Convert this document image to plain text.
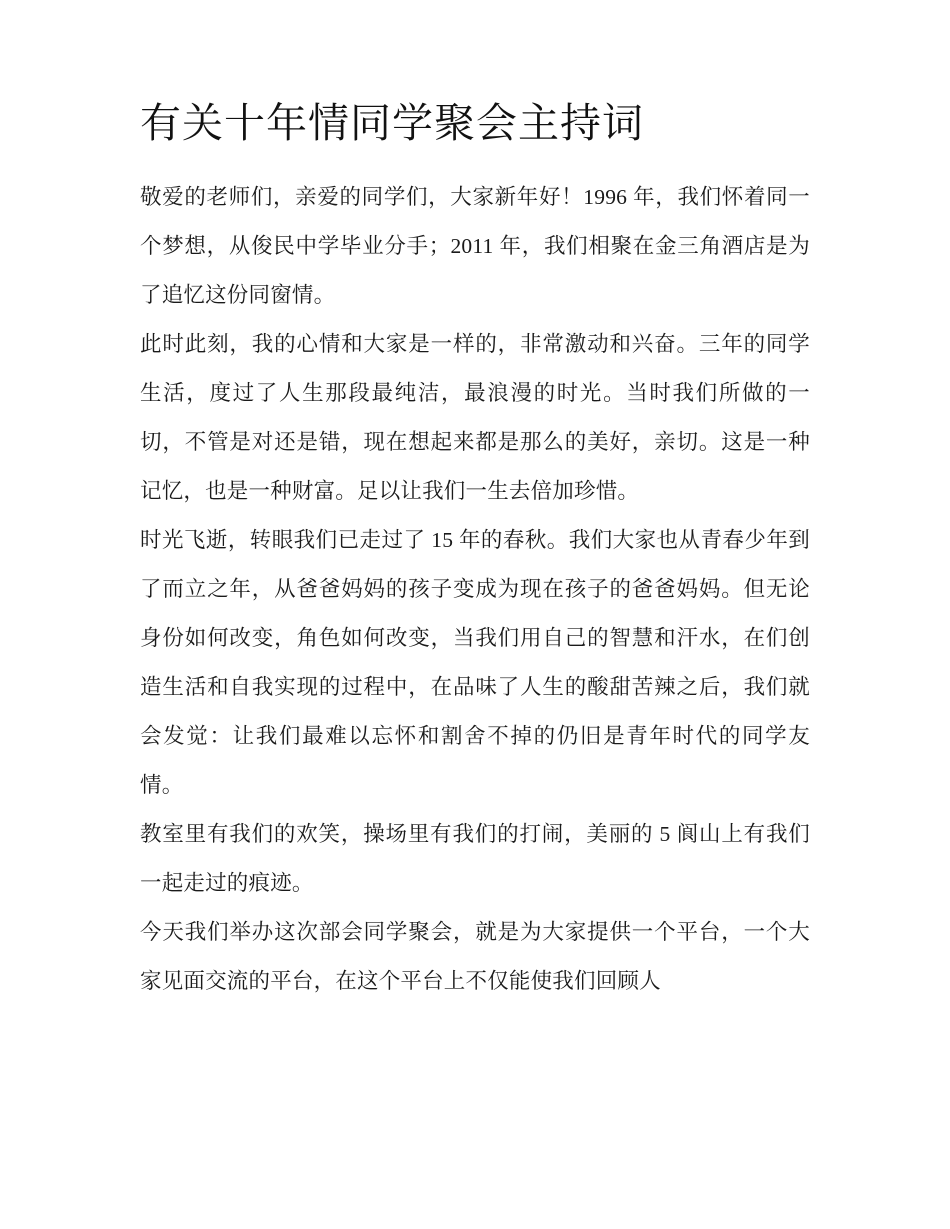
有关十年情同学聚会主持词

敬爱的老师们，亲爱的同学们，大家新年好！1996 年，我们怀着同一个梦想，从俊民中学毕业分手；2011 年，我们相聚在金三角酒店是为了追忆这份同窗情。

此时此刻，我的心情和大家是一样的，非常激动和兴奋。三年的同学生活，度过了人生那段最纯洁，最浪漫的时光。当时我们所做的一切，不管是对还是错，现在想起来都是那么的美好，亲切。这是一种记忆，也是一种财富。足以让我们一生去倍加珍惜。

时光飞逝，转眼我们已走过了 15 年的春秋。我们大家也从青春少年到了而立之年，从爸爸妈妈的孩子变成为现在孩子的爸爸妈妈。但无论身份如何改变，角色如何改变，当我们用自己的智慧和汗水，在们创造生活和自我实现的过程中，在品味了人生的酸甜苦辣之后，我们就会发觉：让我们最难以忘怀和割舍不掉的仍旧是青年时代的同学友情。

教室里有我们的欢笑，操场里有我们的打闹，美丽的 5 阆山上有我们一起走过的痕迹。

今天我们举办这次部会同学聚会，就是为大家提供一个平台，一个大家见面交流的平台，在这个平台上不仅能使我们回顾人
